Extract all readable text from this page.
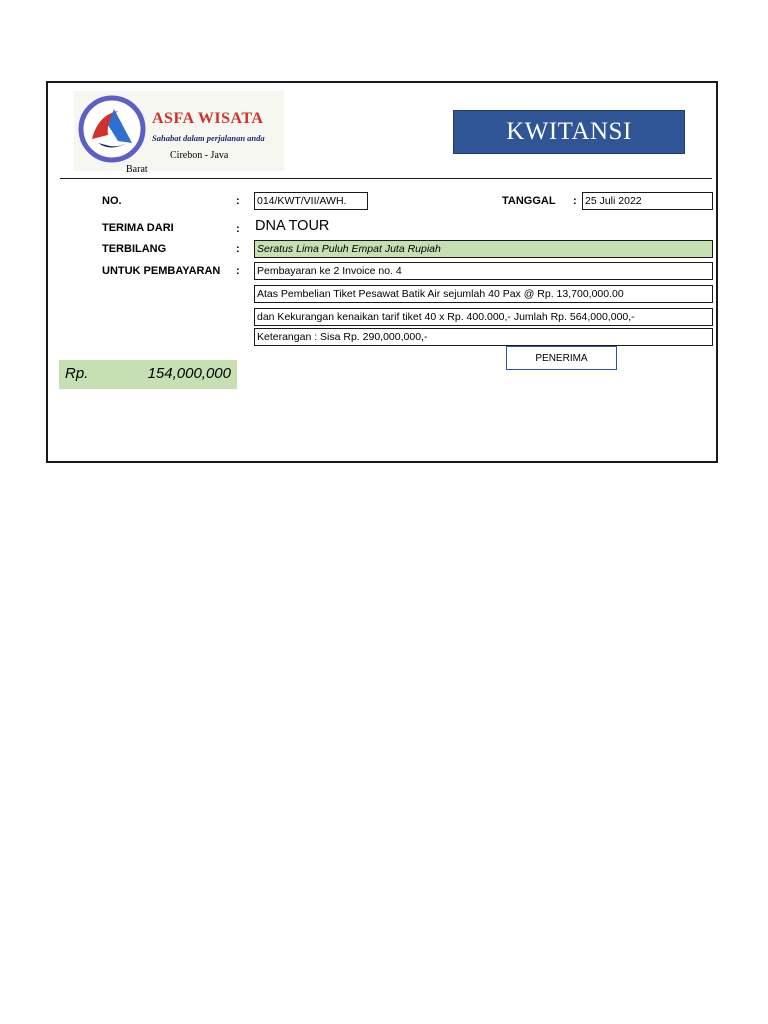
ASFA WISATA
Sahabat dalam perjalanan anda
Cirebon - Java
Barat
KWITANSI
NO.	: 014/KWT/VII/AWH.	TANGGAL : 25 Juli 2022
TERIMA DARI	: DNA TOUR
TERBILANG	: Seratus Lima Puluh Empat Juta Rupiah
UNTUK PEMBAYARAN : Pembayaran ke 2 Invoice no. 4
Atas Pembelian Tiket Pesawat Batik Air sejumlah 40 Pax @ Rp. 13,700,000.00
dan Kekurangan kenaikan tarif tiket 40 x Rp. 400.000,- Jumlah Rp. 564,000,000,-
Keterangan : Sisa Rp. 290,000,000,-
PENERIMA
Rp.	154,000,000
